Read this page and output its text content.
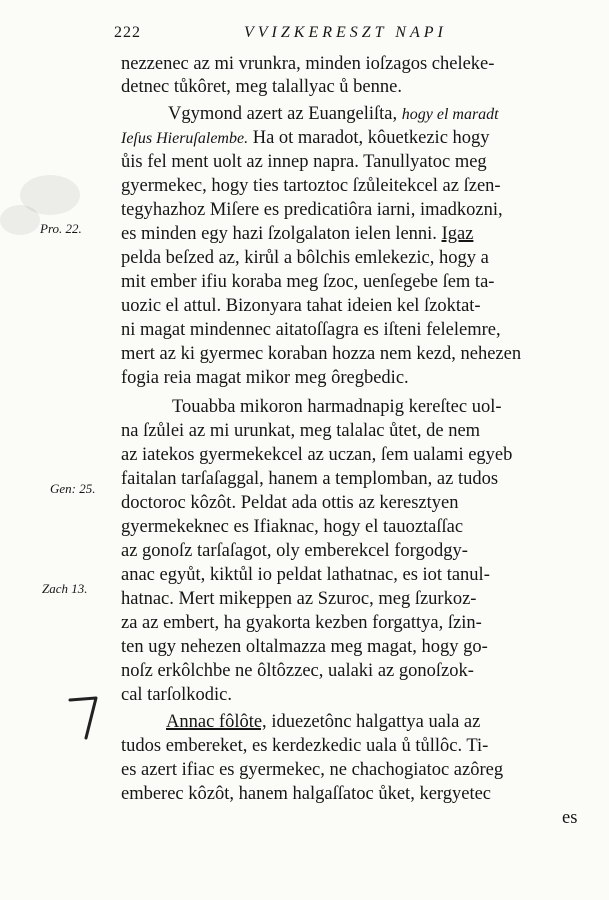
222	VVIZKERESZT NAPI
Pro. 22.
Gen: 25.
Zach 13.
nezzenec az mi vrunkra, minden ioſzagos cheleke-
detnec tůkôret, meg talallyac ů benne.
Vgymond azert az Euangeliſta, hogy el maradt
Ieſus Hieruſalembe. Ha ot maradot, kôuetkezic hogy
ůis fel ment uolt az innep napra. Tanullyatoc meg
gyermekec, hogy ties tartoztoc ſzůleitekcel az ſzen-
tegyhazhoz Miſere es predicatiôra iarni, imadkozni,
es minden egy hazi ſzolgalaton ielen lenni. Igaz
pelda beſzed az, kirůl a bôlchis emlekezic, hogy a
mit ember ifiu koraba meg ſzoc, uenſegebe ſem ta-
uozic el attul. Bizonyara tahat ideien kel ſzoktat-
ni magat mindennec aitatoſſagra es iſteni felelemre,
mert az ki gyermec koraban hozza nem kezd, nehezen
fogia reia magat mikor meg ôregbedic.
Touabba mikoron harmadnapig kereſtec uol-
na ſzůlei az mi urunkat, meg talalac ůtet, de nem
az iatekos gyermekekcel az uczan, ſem ualami egyeb
faitalan tarſaſaggal, hanem a templomban, az tudos
doctoroc kôzôt. Peldat ada ottis az keresztyen
gyermekeknec es Ifiaknac, hogy el tauoztaſſac
az gonoſz tarſaſagot, oly emberekcel forgodgy-
anac egyůt, kiktůl io peldat lathatnac, es iot tanul-
hatnac. Mert mikeppen az Szuroc, meg ſzurkoz-
za az embert, ha gyakorta kezben forgattya, ſzin-
ten ugy nehezen oltalmazza meg magat, hogy go-
noſz erkôlchbe ne ôltôzzec, ualaki az gonoſzok-
cal tarſolkodic.
Annac fôlôte, iduezetônc halgattya uala az
tudos embereket, es kerdezkedic uala ů tůllôc. Ti-
es azert ifiac es gyermekec, ne chachogiatoc azôreg
emberec kôzôt, hanem halgaſſatoc ůket, kergyetec
es
